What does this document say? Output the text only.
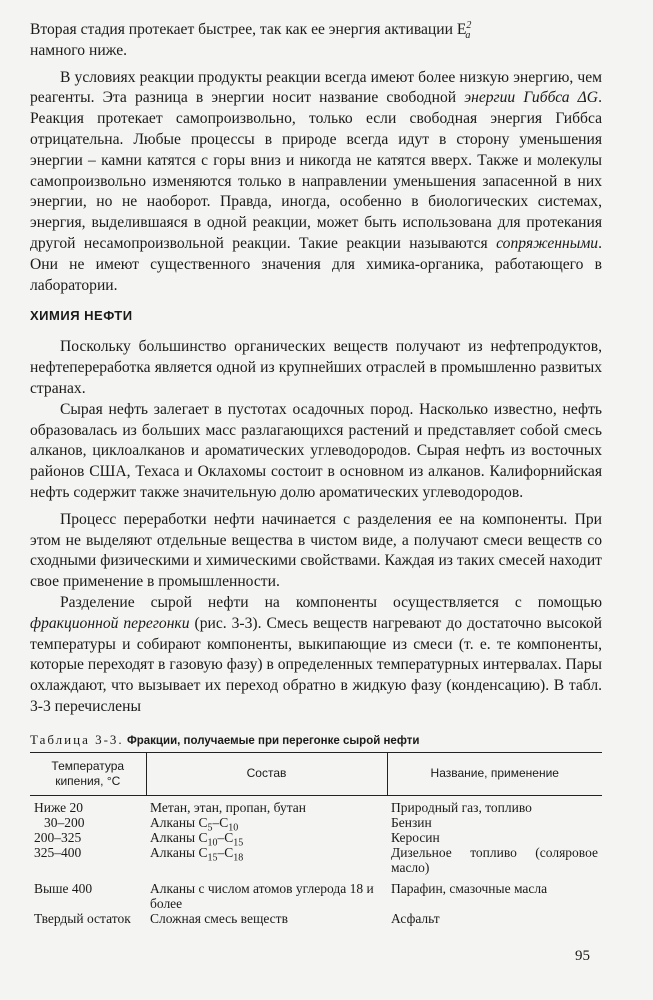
Вторая стадия протекает быстрее, так как ее энергия активации $E^2_a$
намного ниже.

В условиях реакции продукты реакции всегда имеют более низкую энергию, чем реагенты. Эта разница в энергии носит название свободной энергии Гиббса ΔG. Реакция протекает самопроизвольно, только если свободная энергия Гиббса отрицательна. Любые процессы в природе всегда идут в сторону уменьшения энергии – камни катятся с горы вниз и никогда не катятся вверх. Также и молекулы самопроизвольно изменяются только в направлении уменьшения запасенной в них энергии, но не наоборот. Правда, иногда, особенно в биологических системах, энергия, выделившаяся в одной реакции, может быть использована для протекания другой несамопроизвольной реакции. Такие реакции называются сопряженными. Они не имеют существенного значения для химика-органика, работающего в лаборатории.

ХИМИЯ НЕФТИ

Поскольку большинство органических веществ получают из нефтепродуктов, нефтепереработка является одной из крупнейших отраслей в промышленно развитых странах.

Сырая нефть залегает в пустотах осадочных пород. Насколько известно, нефть образовалась из больших масс разлагающихся растений и представляет собой смесь алканов, циклоалканов и ароматических углеводородов. Сырая нефть из восточных районов США, Техаса и Оклахомы состоит в основном из алканов. Калифорнийская нефть содержит также значительную долю ароматических углеводородов.

Процесс переработки нефти начинается с разделения ее на компоненты. При этом не выделяют отдельные вещества в чистом виде, а получают смеси веществ со сходными физическими и химическими свойствами. Каждая из таких смесей находит свое применение в промышленности.

Разделение сырой нефти на компоненты осуществляется с помощью фракционной перегонки (рис. 3-3). Смесь веществ нагревают до достаточно высокой температуры и собирают компоненты, выкипающие из смеси (т. е. те компоненты, которые переходят в газовую фазу) в определенных температурных интервалах. Пары охлаждают, что вызывает их переход обратно в жидкую фазу (конденсацию). В табл. 3-3 перечислены

Таблица 3-3. Фракции, получаемые при перегонке сырой нефти
Температура кипения, °C	Состав	Название, применение
Ниже 20	Метан, этан, пропан, бутан	Природный газ, топливо
30–200	Алканы $C_5-C_{10}$	Бензин
200–325	Алканы $C_{10}-C_{15}$	Керосин
325–400	Алканы $C_{15}-C_{18}$	Дизельное топливо (соляровое масло)
Выше 400	Алканы с числом атомов углерода 18 и более	Парафин, смазочные масла
Твердый остаток	Сложная смесь веществ	Асфальт
95
